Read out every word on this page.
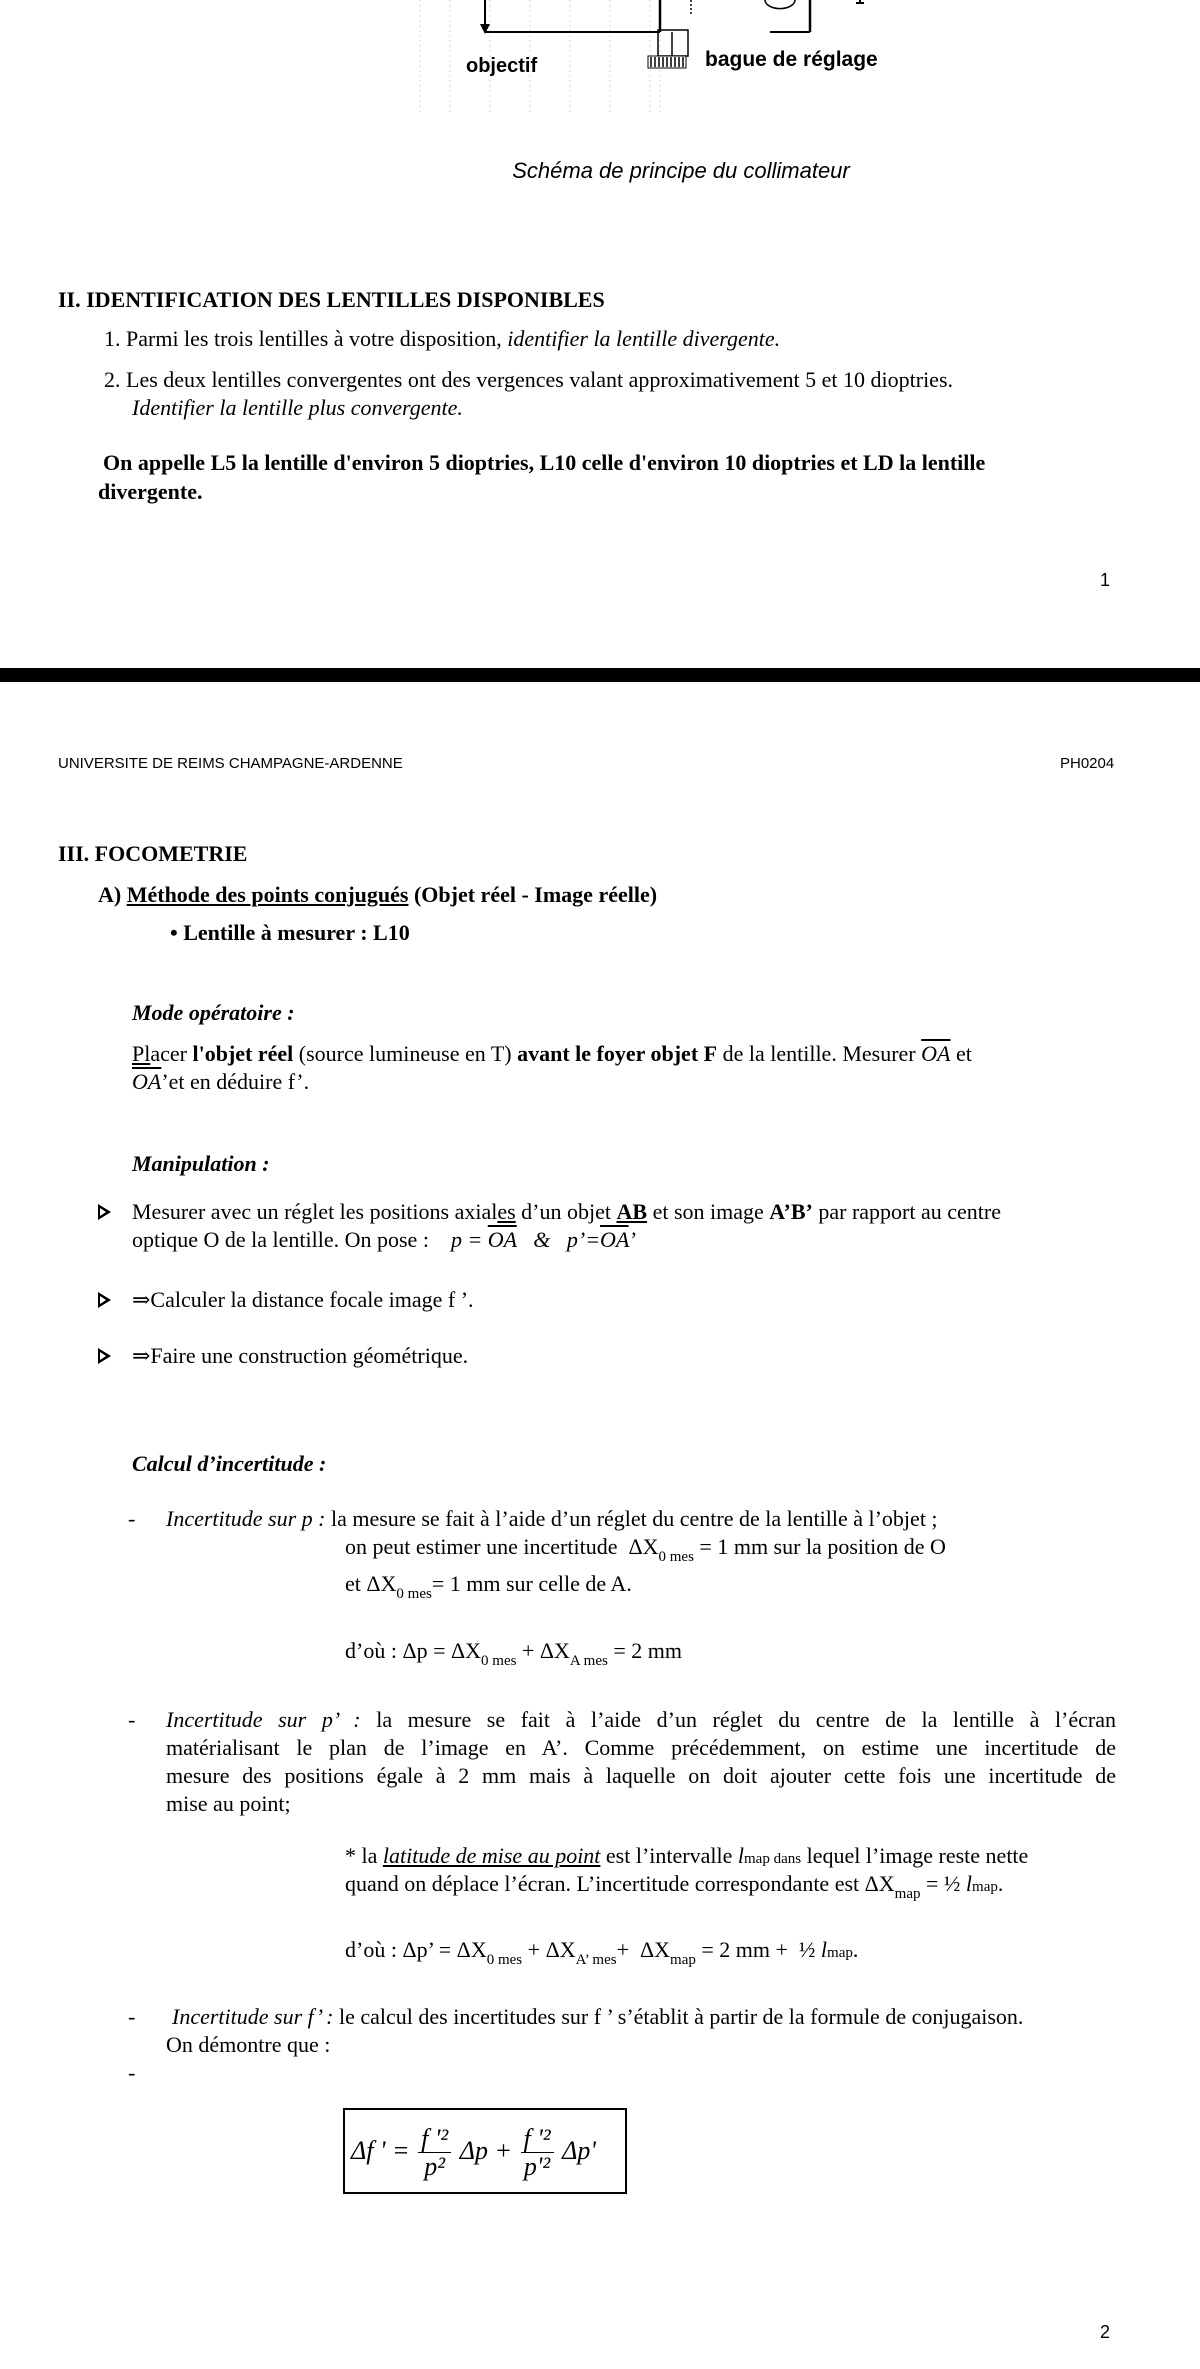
objectif	bague de réglage
Schéma de principe du collimateur
II. IDENTIFICATION DES LENTILLES DISPONIBLES
1. Parmi les trois lentilles à votre disposition, identifier la lentille divergente.
2. Les deux lentilles convergentes ont des vergences valant approximativement 5 et 10 dioptries.
Identifier la lentille plus convergente.
On appelle L5 la lentille d'environ 5 dioptries, L10 celle d'environ 10 dioptries et LD la lentille
divergente.
1
UNIVERSITE DE REIMS CHAMPAGNE-ARDENNE	PH0204
III. FOCOMETRIE
A) Méthode des points conjugués (Objet réel - Image réelle)
• Lentille à mesurer : L10
Mode opératoire :
Placer l'objet réel (source lumineuse en T) avant le foyer objet F de la lentille. Mesurer $\overline{OA}$ et
$\overline{OA}’et$ en déduire f’.
Manipulation :
Mesurer avec un réglet les positions axiales d’un objet AB et son image A’B’ par rapport au centre
optique O de la lentille. On pose :    $p = \overline{OA}$   &   $p’=\overline{OA}$’
⇒Calculer la distance focale image f ’.
⇒Faire une construction géométrique.
Calcul d’incertitude :
- Incertitude sur p : la mesure se fait à l’aide d’un réglet du centre de la lentille à l’objet ;
on peut estimer une incertitude  $\Delta X_{0 mes} = 1$ mm sur la position de O
et $\Delta X_{0 mes}= 1$ mm sur celle de A.
d’où : $\Delta p = \Delta X_{0 mes} + \Delta X_{A mes} = 2$ mm
- Incertitude sur p’ : la mesure se fait à l’aide d’un réglet du centre de la lentille à l’écran
matérialisant le plan de l’image en A’. Comme précédemment, on estime une incertitude de
mesure des positions égale à 2 mm mais à laquelle on doit ajouter cette fois une incertitude de
mise au point;
* la latitude de mise au point est l’intervalle lmap dans lequel l’image reste nette
quand on déplace l’écran. L’incertitude correspondante est $\Delta X_{map}$ = ½ lmap.
d’où : Δp’ = $\Delta X_{0 mes} + \Delta X_{A’ mes}+ \Delta X_{map} = 2$ mm +  ½ lmap.
- Incertitude sur f’ : le calcul des incertitudes sur f ’ s’établit à partir de la formule de conjugaison.
On démontre que :
-
Δf ' = $\frac{\text{f '²}}{\text{p²}}$ $\Delta p + \frac{\text{f '²}}{\text{p'²}} \Delta p'$
2
